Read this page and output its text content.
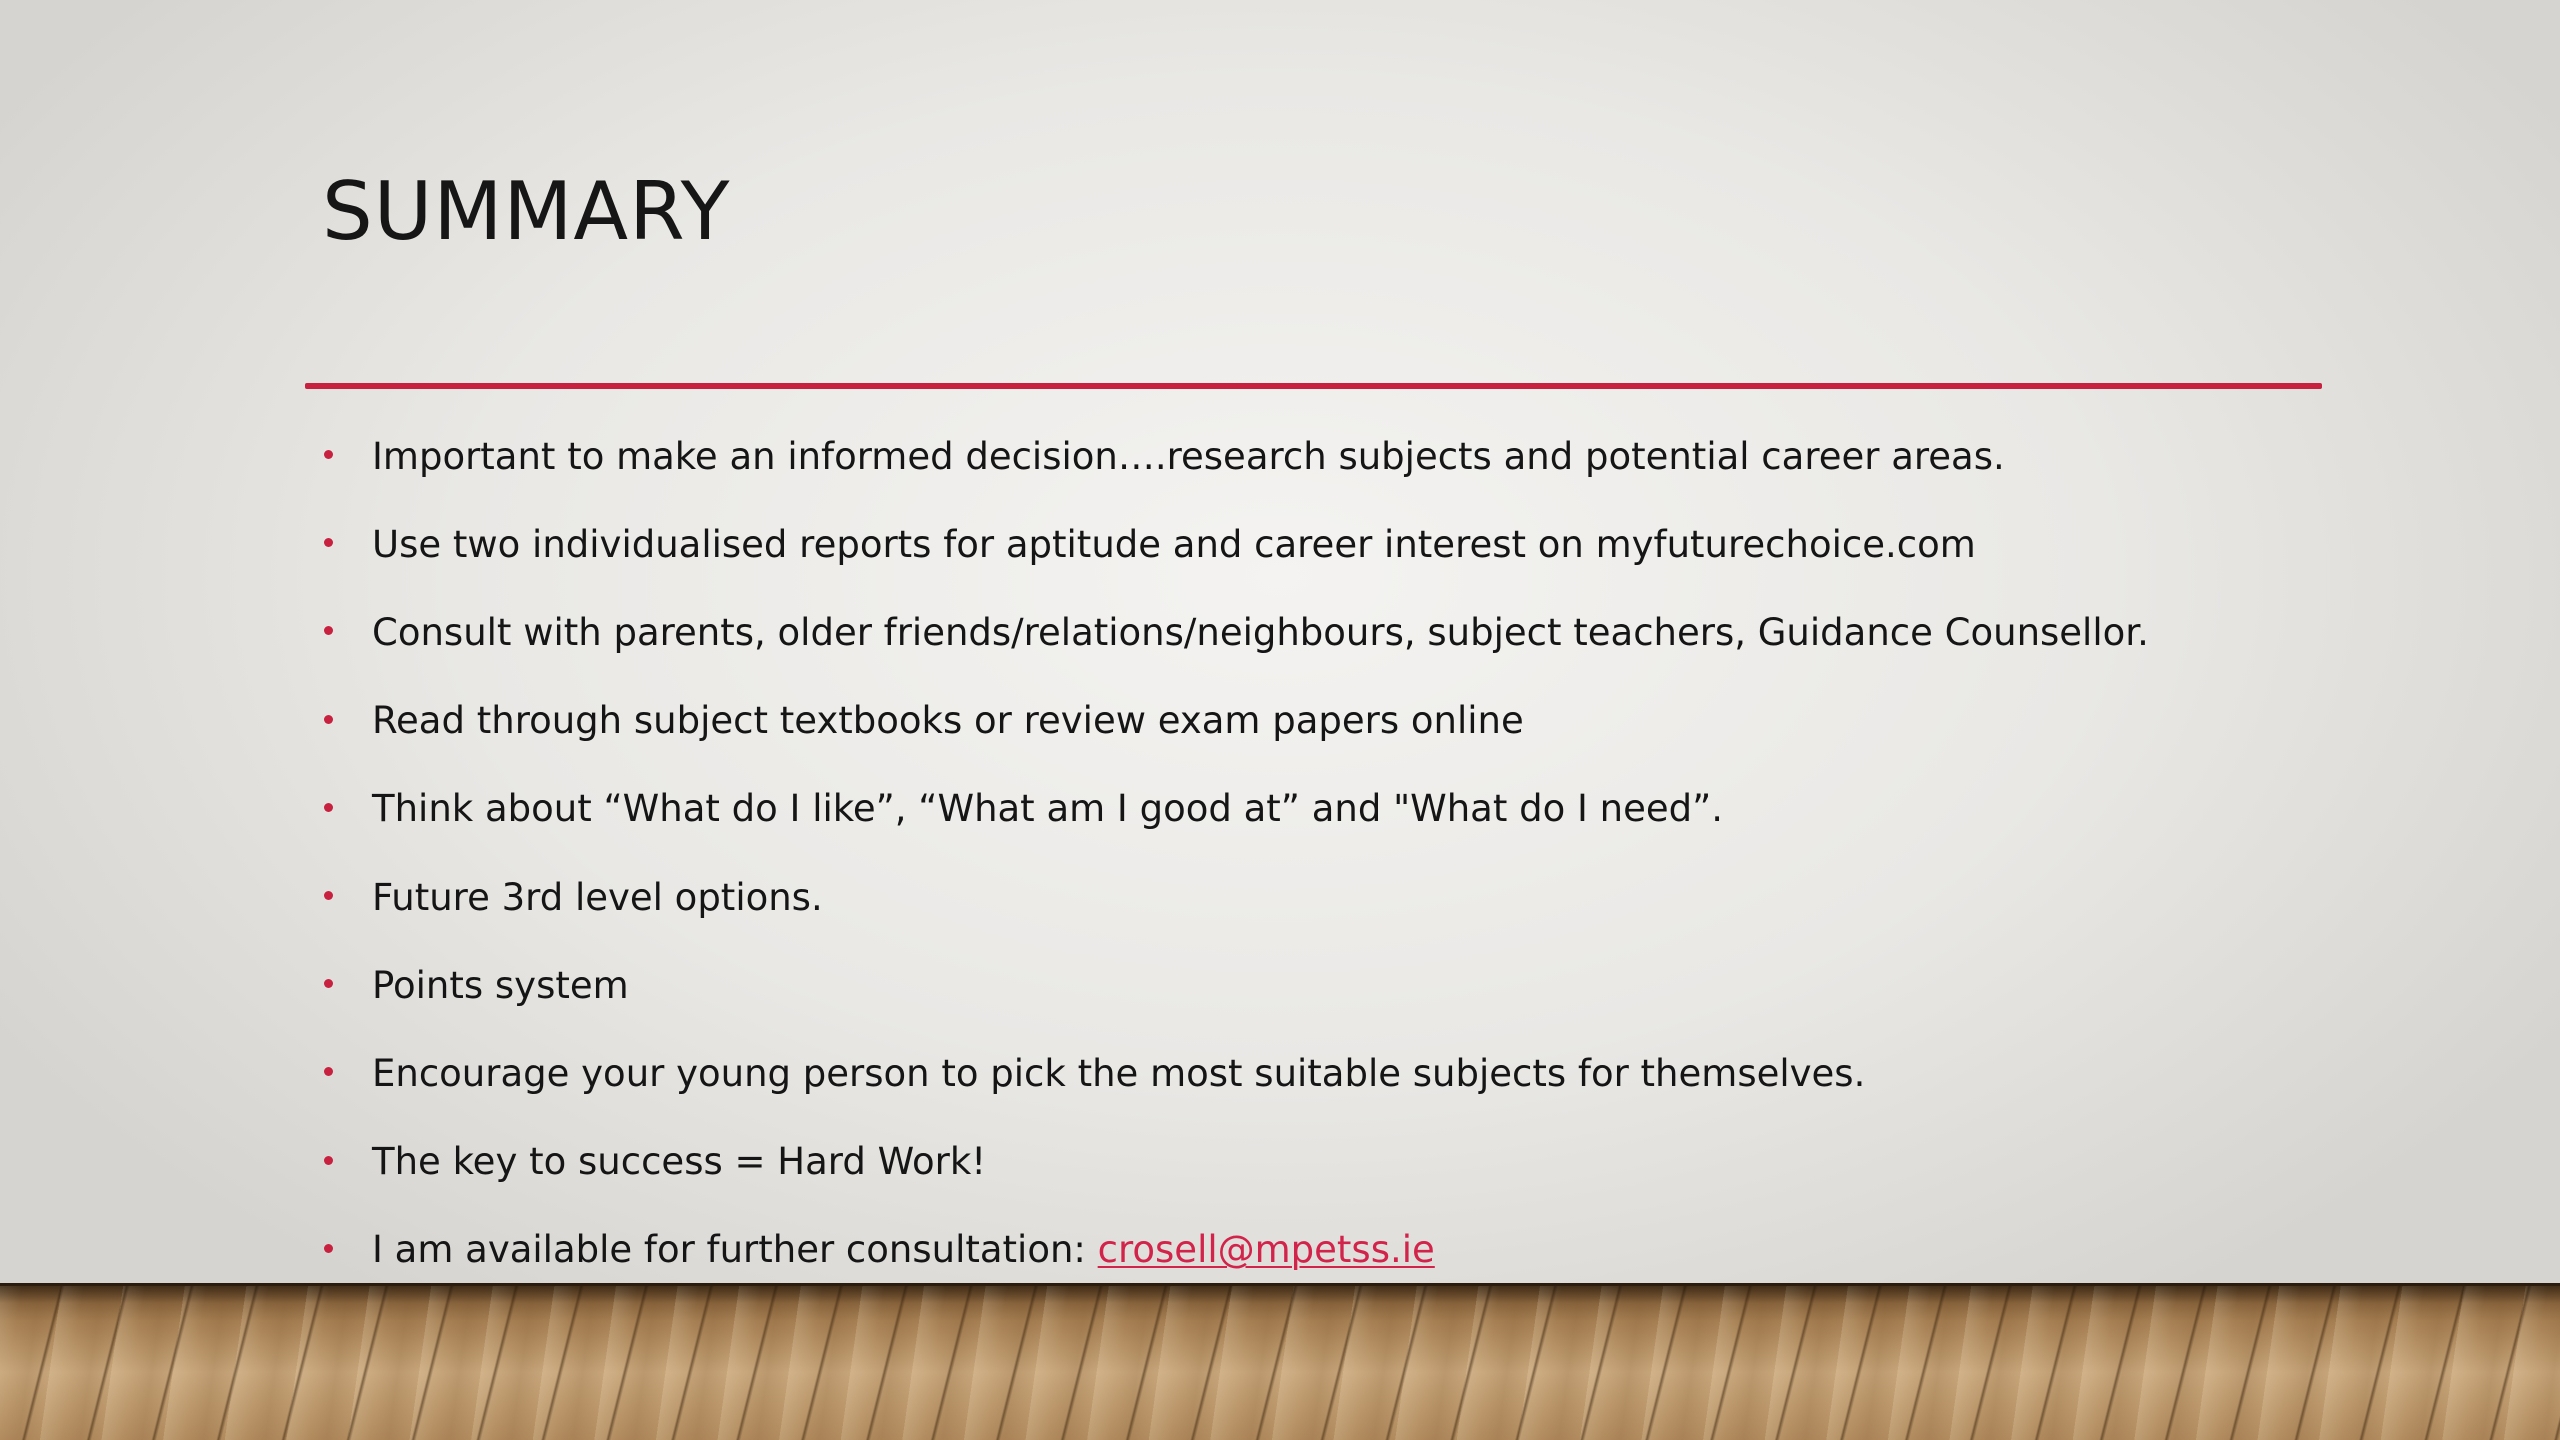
SUMMARY
Important to make an informed decision….research subjects and potential career areas.
Use two individualised reports for aptitude and career interest on myfuturechoice.com
Consult with parents, older friends/relations/neighbours, subject teachers, Guidance Counsellor.
Read through subject textbooks or review exam papers online
Think about “What do I like”, “What am I good at” and "What do I need”.
Future 3rd level options.
Points system
Encourage your young person to pick the most suitable subjects for themselves.
The key to success = Hard Work!
I am available for further consultation: crosell@mpetss.ie
